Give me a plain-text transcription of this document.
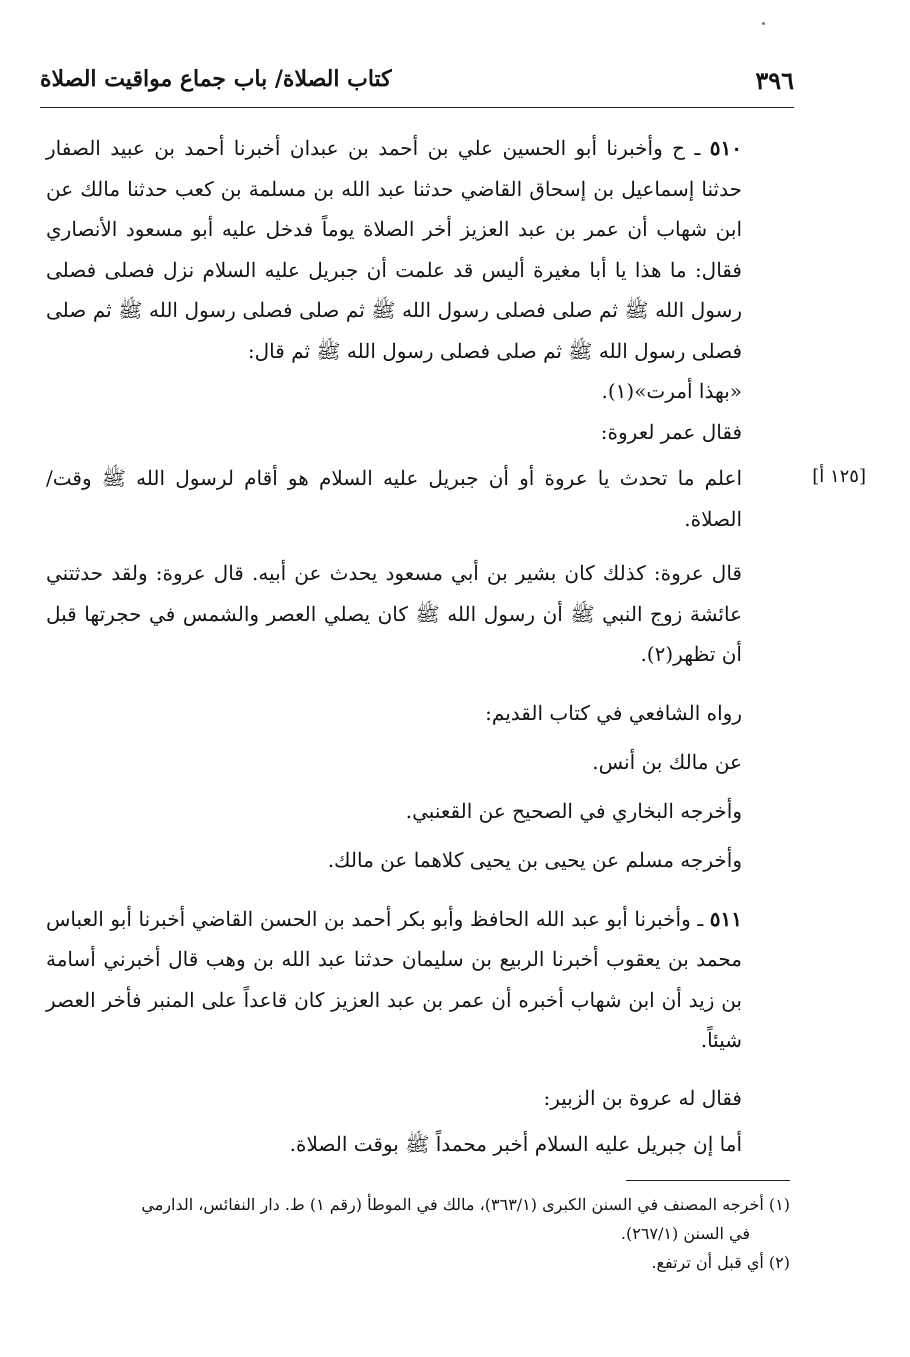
٣٩٦
كتاب الصلاة/ باب جماع مواقيت الصلاة
[١٢٥ أ]

٥١٠ ـ ح وأخبرنا أبو الحسين علي بن أحمد بن عبدان أخبرنا أحمد بن عبيد الصفار حدثنا إسماعيل بن إسحاق القاضي حدثنا عبد الله بن مسلمة بن كعب حدثنا مالك عن ابن شهاب أن عمر بن عبد العزيز أخر الصلاة يوماً فدخل عليه أبو مسعود الأنصاري فقال: ما هذا يا أبا مغيرة أليس قد علمت أن جبريل عليه السلام نزل فصلى فصلى رسول الله ﷺ ثم صلى فصلى رسول الله ﷺ ثم صلى فصلى رسول الله ﷺ ثم صلى فصلى رسول الله ﷺ ثم صلى فصلى رسول الله ﷺ ثم قال:

«بهذا أمرت»(١).

فقال عمر لعروة:

اعلم ما تحدث يا عروة أو أن جبريل عليه السلام هو أقام لرسول الله ﷺ وقت/ الصلاة.

قال عروة: كذلك كان بشير بن أبي مسعود يحدث عن أبيه. قال عروة: ولقد حدثتني عائشة زوج النبي ﷺ أن رسول الله ﷺ كان يصلي العصر والشمس في حجرتها قبل أن تظهر(٢).

رواه الشافعي في كتاب القديم:

عن مالك بن أنس.

وأخرجه البخاري في الصحيح عن القعنبي.

وأخرجه مسلم عن يحيى بن يحيى كلاهما عن مالك.

٥١١ ـ وأخبرنا أبو عبد الله الحافظ وأبو بكر أحمد بن الحسن القاضي أخبرنا أبو العباس محمد بن يعقوب أخبرنا الربيع بن سليمان حدثنا عبد الله بن وهب قال أخبرني أسامة بن زيد أن ابن شهاب أخبره أن عمر بن عبد العزيز كان قاعداً على المنبر فأخر العصر شيئاً.

فقال له عروة بن الزبير:

أما إن جبريل عليه السلام أخبر محمداً ﷺ بوقت الصلاة.

(١) أخرجه المصنف في السنن الكبرى (٣٦٣/١)، مالك في الموطأ (رقم ١) ط. دار النفائس، الدارمي

في السنن (٢٦٧/١).

(٢) أي قبل أن ترتفع.
